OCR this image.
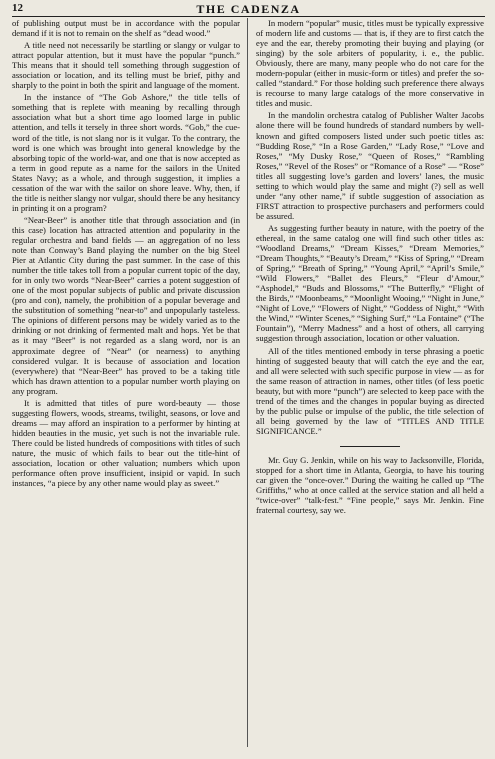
12	THE CADENZA

of publishing output must be in accordance with the popular demand if it is not to remain on the shelf as “dead wood.”

A title need not necessarily be startling or slangy or vulgar to attract popular attention, but it must have the popular “punch.” This means that it should tell something through suggestion of association or location, and its telling must be brief, pithy and sharply to the point in both the spirit and language of the moment.

In the instance of “The Gob Ashore,” the title tells of something that is replete with meaning by recalling through association what but a short time ago loomed large in public attention, and tells it tersely in three short words. “Gob,” the cue-word of the title, is not slang nor is it vulgar. To the contrary, the word is one which was brought into general knowledge by the absorbing topic of the world-war, and one that is now accepted as a term in good repute as a name for the sailors in the United States Navy; as a whole, and through suggestion, it implies a cessation of the war with the sailor on shore leave. Why, then, if the title is neither slangy nor vulgar, should there be any hesitancy in printing it on a program?

“Near-Beer” is another title that through association and (in this case) location has attracted attention and popularity in the regular orchestra and band fields — an aggregation of no less note than Conway’s Band playing the number on the big Steel Pier at Atlantic City during the past summer. In the case of this number the title takes toll from a popular current topic of the day, for in only two words “Near-Beer” carries a potent suggestion of one of the most popular subjects of public and private discussion (pro and con), namely, the prohibition of a popular beverage and the substitution of something “near-to” and unpopularly tasteless. The opinions of different persons may be widely varied as to the drinking or not drinking of fermented malt and hops. Yet be that as it may “Beer” is not regarded as a slang word, nor is an approximate degree of “Near” (or nearness) to anything considered vulgar. It is because of association and location (everywhere) that “Near-Beer” has proved to be a taking title which has drawn attention to a popular number worth playing on any program.

It is admitted that titles of pure word-beauty — those suggesting flowers, woods, streams, twilight, seasons, or love and dreams — may afford an inspiration to a performer by hinting at hidden beauties in the music, yet such is not the invariable rule. There could be listed hundreds of compositions with titles of such nature, the music of which fails to bear out the title-hint of association, location or other valuation; numbers which upon performance often prove insufficient, insipid or vapid. In such instances, “a piece by any other name would play as sweet.”

In modern “popular” music, titles must be typically expressive of modern life and customs — that is, if they are to first catch the eye and the ear, thereby promoting their buying and playing (or singing) by the sole arbiters of popularity, i. e., the public. Obviously, there are many, many people who do not care for the modern-popular (either in music-form or titles) and prefer the so-called “standard.” For those holding such preference there always is recourse to many large catalogs of the more conservative in titles and music.

In the mandolin orchestra catalog of Publisher Walter Jacobs alone there will be found hundreds of standard numbers by well-known and gifted composers listed under such poetic titles as: “Budding Rose,” “In a Rose Garden,” “Lady Rose,” “Love and Roses,” “My Dusky Rose,” “Queen of Roses,” “Rambling Roses,” “Revel of the Roses” or “Romance of a Rose” — “Rose” titles all suggesting love’s garden and lovers’ lanes, the music setting to which would play the same and might (?) sell as well under “any other name,” if subtle suggestion of association as FIRST attraction to prospective purchasers and performers could be assured.

As suggesting further beauty in nature, with the poetry of the ethereal, in the same catalog one will find such other titles as: “Woodland Dreams,” “Dream Kisses,” “Dream Memories,” “Dream Thoughts,” “Beauty’s Dream,” “Kiss of Spring,” “Dream of Spring,” “Breath of Spring,” “Young April,” “April’s Smile,” “Wild Flowers,” “Ballet des Fleurs,” “Fleur d’Amour,” “Asphodel,” “Buds and Blossoms,” “The Butterfly,” “Flight of the Birds,” “Moonbeams,” “Moonlight Wooing,” “Night in June,” “Night of Love,” “Flowers of Night,” “Goddess of Night,” “With the Wind,” “Winter Scenes,” “Sighing Surf,” “La Fontaine” (“The Fountain”), “Merry Madness” and a host of others, all carrying suggestion through association, location or other valuation.

All of the titles mentioned embody in terse phrasing a poetic hinting of suggested beauty that will catch the eye and the ear, and all were selected with such specific purpose in view — as for the same reason of attraction in names, other titles (of less poetic beauty, but with more “punch”) are selected to keep pace with the trend of the times and the changes in popular buying as directed by the public pulse or impulse of the public, the title selection of all being governed by the law of “TITLES AND TITLE SIGNIFICANCE.”

Mr. Guy G. Jenkin, while on his way to Jacksonville, Florida, stopped for a short time in Atlanta, Georgia, to have his touring car given the “once-over.” During the waiting he called up “The Griffiths,” who at once called at the service station and all held a “twice-over” “talk-fest.” “Fine people,” says Mr. Jenkin. Fine fraternal courtesy, say we.
